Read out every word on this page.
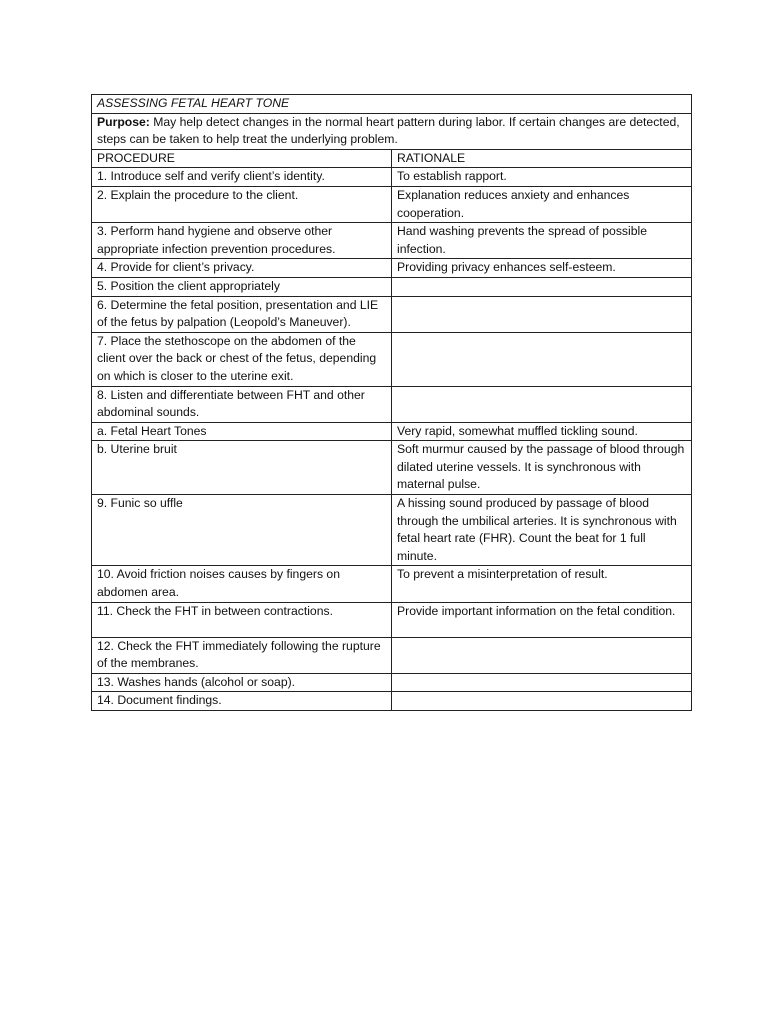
ASSESSING FETAL HEART TONE	
Purpose: May help detect changes in the normal heart pattern during labor. If certain changes are detected, steps can be taken to help treat the underlying problem.	
PROCEDURE	RATIONALE
1. Introduce self and verify client’s identity.	To establish rapport.
2. Explain the procedure to the client.	Explanation reduces anxiety and enhances cooperation.
3. Perform hand hygiene and observe other appropriate infection prevention procedures.	Hand washing prevents the spread of possible infection.
4. Provide for client’s privacy.	Providing privacy enhances self-esteem.
5. Position the client appropriately	
6. Determine the fetal position, presentation and LIE of the fetus by palpation (Leopold’s Maneuver).	
7. Place the stethoscope on the abdomen of the client over the back or chest of the fetus, depending on which is closer to the uterine exit.	
8. Listen and differentiate between FHT and other abdominal sounds.	
a. Fetal Heart Tones	Very rapid, somewhat muffled tickling sound.
b. Uterine bruit	Soft murmur caused by the passage of blood through dilated uterine vessels. It is synchronous with maternal pulse.
9. Funic so uffle	A hissing sound produced by passage of blood through the umbilical arteries. It is synchronous with fetal heart rate (FHR). Count the beat for 1 full minute.
10. Avoid friction noises causes by fingers on abdomen area.	To prevent a misinterpretation of result.
11. Check the FHT in between contractions.	Provide important information on the fetal condition.
12. Check the FHT immediately following the rupture of the membranes.	
13. Washes hands (alcohol or soap).	
14. Document findings.	
